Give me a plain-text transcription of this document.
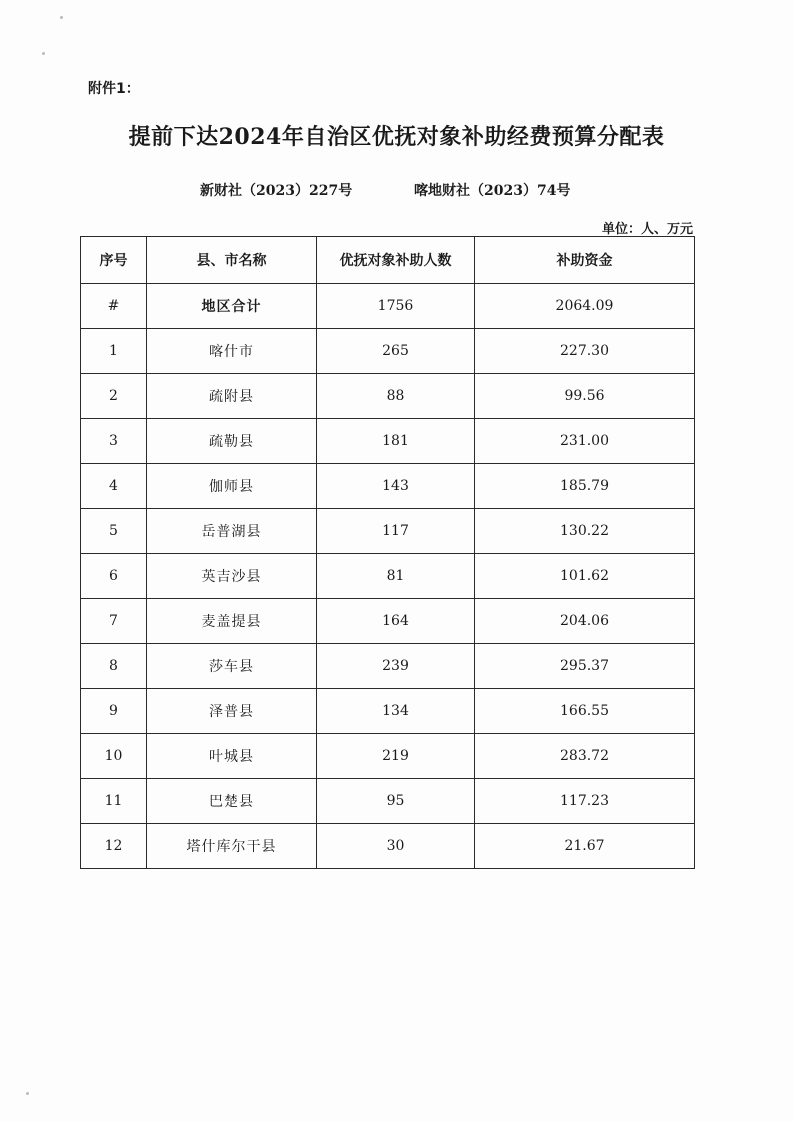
附件1：
提前下达2024年自治区优抚对象补助经费预算分配表
新财社（2023）227号	喀地财社（2023）74号
单位：人、万元
序号	县、市名称	优抚对象补助人数	补助资金
#	地区合计	1756	2064.09
1	喀什市	265	227.30
2	疏附县	88	99.56
3	疏勒县	181	231.00
4	伽师县	143	185.79
5	岳普湖县	117	130.22
6	英吉沙县	81	101.62
7	麦盖提县	164	204.06
8	莎车县	239	295.37
9	泽普县	134	166.55
10	叶城县	219	283.72
11	巴楚县	95	117.23
12	塔什库尔干县	30	21.67
